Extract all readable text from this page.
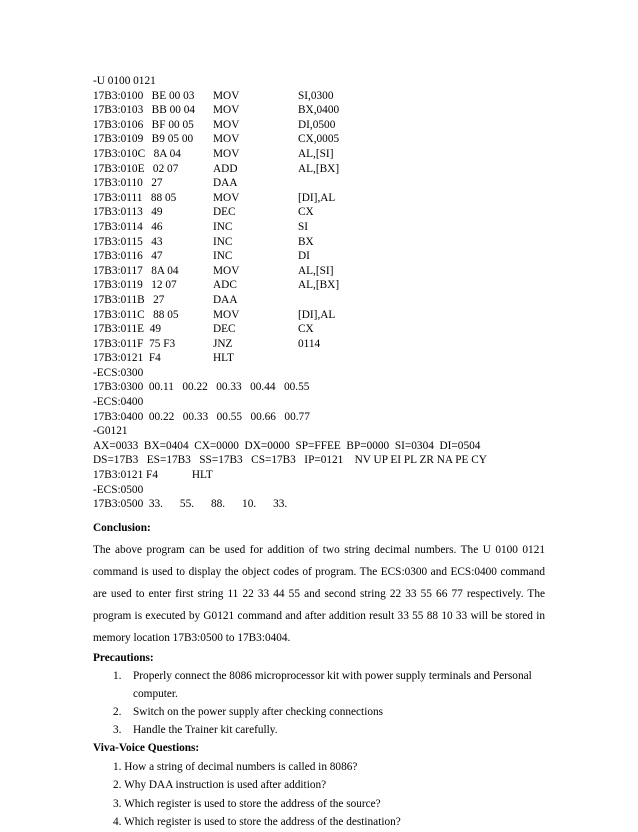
-U 0100 0121
17B3:0100   BE 00 03 MOV	SI,0300
17B3:0103   BB 00 04 MOV	BX,0400
17B3:0106   BF 00 05 MOV	DI,0500
17B3:0109   B9 05 00 MOV	CX,0005
17B3:010C   8A 04	MOV	AL,[SI]
17B3:010E   02 07	ADD	AL,[BX]
17B3:0110   27	DAA
17B3:0111   88 05	MOV	[DI],AL
17B3:0113   49	DEC	CX
17B3:0114   46	INC	SI
17B3:0115   43	INC	BX
17B3:0116   47	INC	DI
17B3:0117   8A 04	MOV	AL,[SI]
17B3:0119   12 07	ADC	AL,[BX]
17B3:011B   27	DAA
17B3:011C   88 05	MOV	[DI],AL
17B3:011E  49	DEC	CX
17B3:011F  75 F3	JNZ	0114
17B3:0121  F4	HLT
-ECS:0300
17B3:0300  00.11   00.22   00.33   00.44   00.55
-ECS:0400
17B3:0400  00.22   00.33   00.55   00.66   00.77
-G0121
AX=0033  BX=0404  CX=0000  DX=0000  SP=FFEE  BP=0000  SI=0304  DI=0504
DS=17B3   ES=17B3   SS=17B3   CS=17B3   IP=0121    NV UP EI PL ZR NA PE CY
17B3:0121 F4            HLT
-ECS:0500
17B3:0500  33.      55.      88.      10.      33.
Conclusion:
The above program can be used for addition of two string decimal numbers. The U 0100 0121 command is used to display the object codes of program. The ECS:0300 and ECS:0400 command are used to enter first string 11 22 33 44 55 and second string 22 33 55 66 77 respectively. The program is executed by G0121 command and after addition result 33 55 88 10 33 will be stored in memory location 17B3:0500 to 17B3:0404.
Precautions:
1. Properly connect the 8086 microprocessor kit with power supply terminals and Personal computer.
2. Switch on the power supply after checking connections
3. Handle the Trainer kit carefully.
Viva-Voice Questions:
1. How a string of decimal numbers is called in 8086?
2. Why DAA instruction is used after addition?
3. Which register is used to store the address of the source?
4. Which register is used to store the address of the destination?
